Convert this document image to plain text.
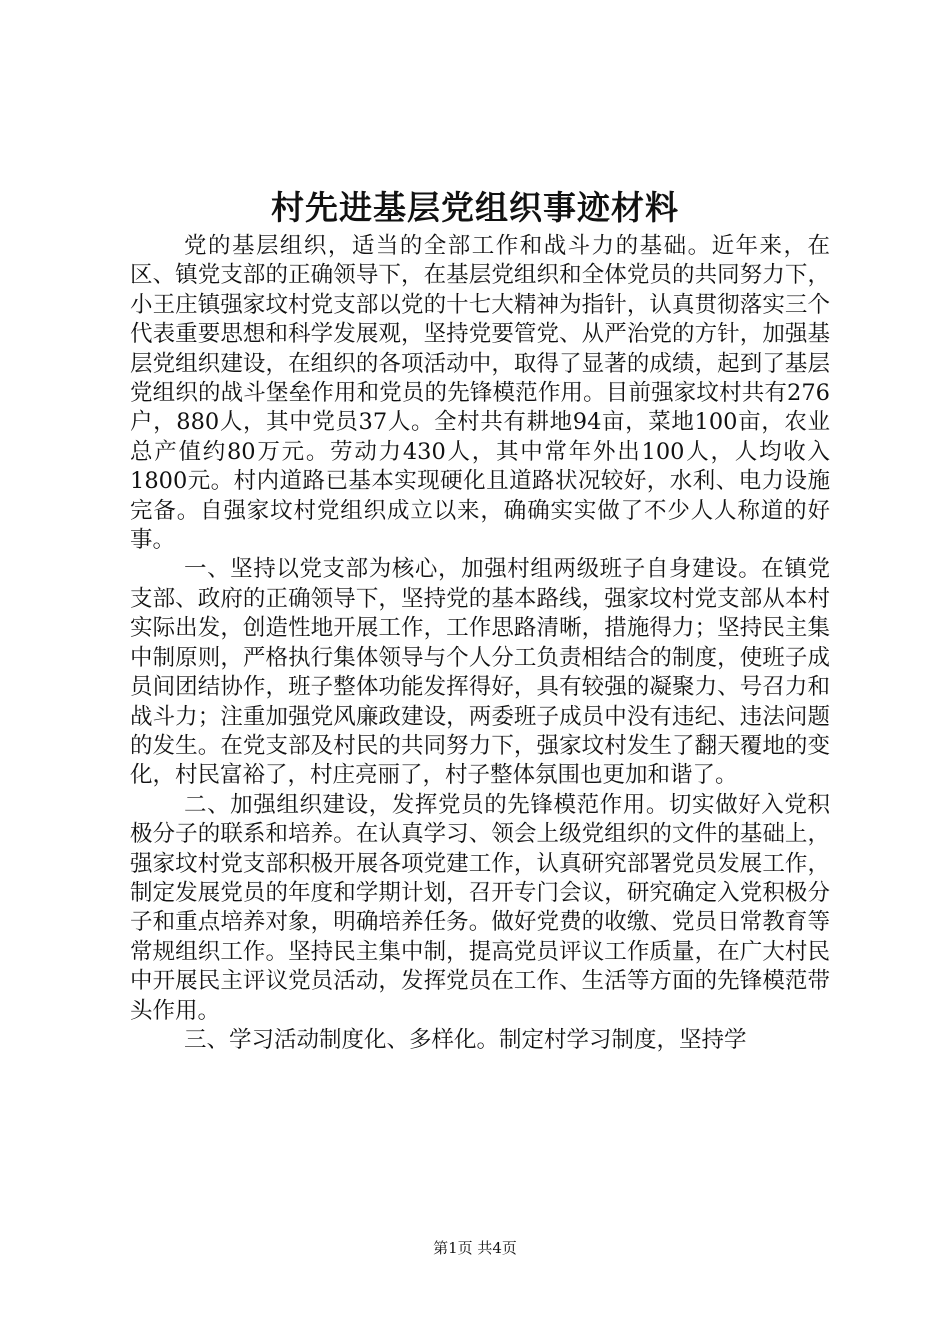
村先进基层党组织事迹材料

党的基层组织，适当的全部工作和战斗力的基础。近年来，在区、镇党支部的正确领导下，在基层党组织和全体党员的共同努力下，小王庄镇强家坟村党支部以党的十七大精神为指针，认真贯彻落实三个代表重要思想和科学发展观，坚持党要管党、从严治党的方针，加强基层党组织建设，在组织的各项活动中，取得了显著的成绩，起到了基层党组织的战斗堡垒作用和党员的先锋模范作用。目前强家坟村共有276户，880人，其中党员37人。全村共有耕地94亩，菜地100亩，农业总产值约80万元。劳动力430人，其中常年外出100人，人均收入1800元。村内道路已基本实现硬化且道路状况较好，水利、电力设施完备。自强家坟村党组织成立以来，确确实实做了不少人人称道的好事。

一、坚持以党支部为核心，加强村组两级班子自身建设。在镇党支部、政府的正确领导下，坚持党的基本路线，强家坟村党支部从本村实际出发，创造性地开展工作，工作思路清晰，措施得力；坚持民主集中制原则，严格执行集体领导与个人分工负责相结合的制度，使班子成员间团结协作，班子整体功能发挥得好，具有较强的凝聚力、号召力和战斗力；注重加强党风廉政建设，两委班子成员中没有违纪、违法问题的发生。在党支部及村民的共同努力下，强家坟村发生了翻天覆地的变化，村民富裕了，村庄亮丽了，村子整体氛围也更加和谐了。

二、加强组织建设，发挥党员的先锋模范作用。切实做好入党积极分子的联系和培养。在认真学习、领会上级党组织的文件的基础上，强家坟村党支部积极开展各项党建工作，认真研究部署党员发展工作，制定发展党员的年度和学期计划，召开专门会议，研究确定入党积极分子和重点培养对象，明确培养任务。做好党费的收缴、党员日常教育等常规组织工作。坚持民主集中制，提高党员评议工作质量，在广大村民中开展民主评议党员活动，发挥党员在工作、生活等方面的先锋模范带头作用。

三、学习活动制度化、多样化。制定村学习制度，坚持学

第1页 共4页
